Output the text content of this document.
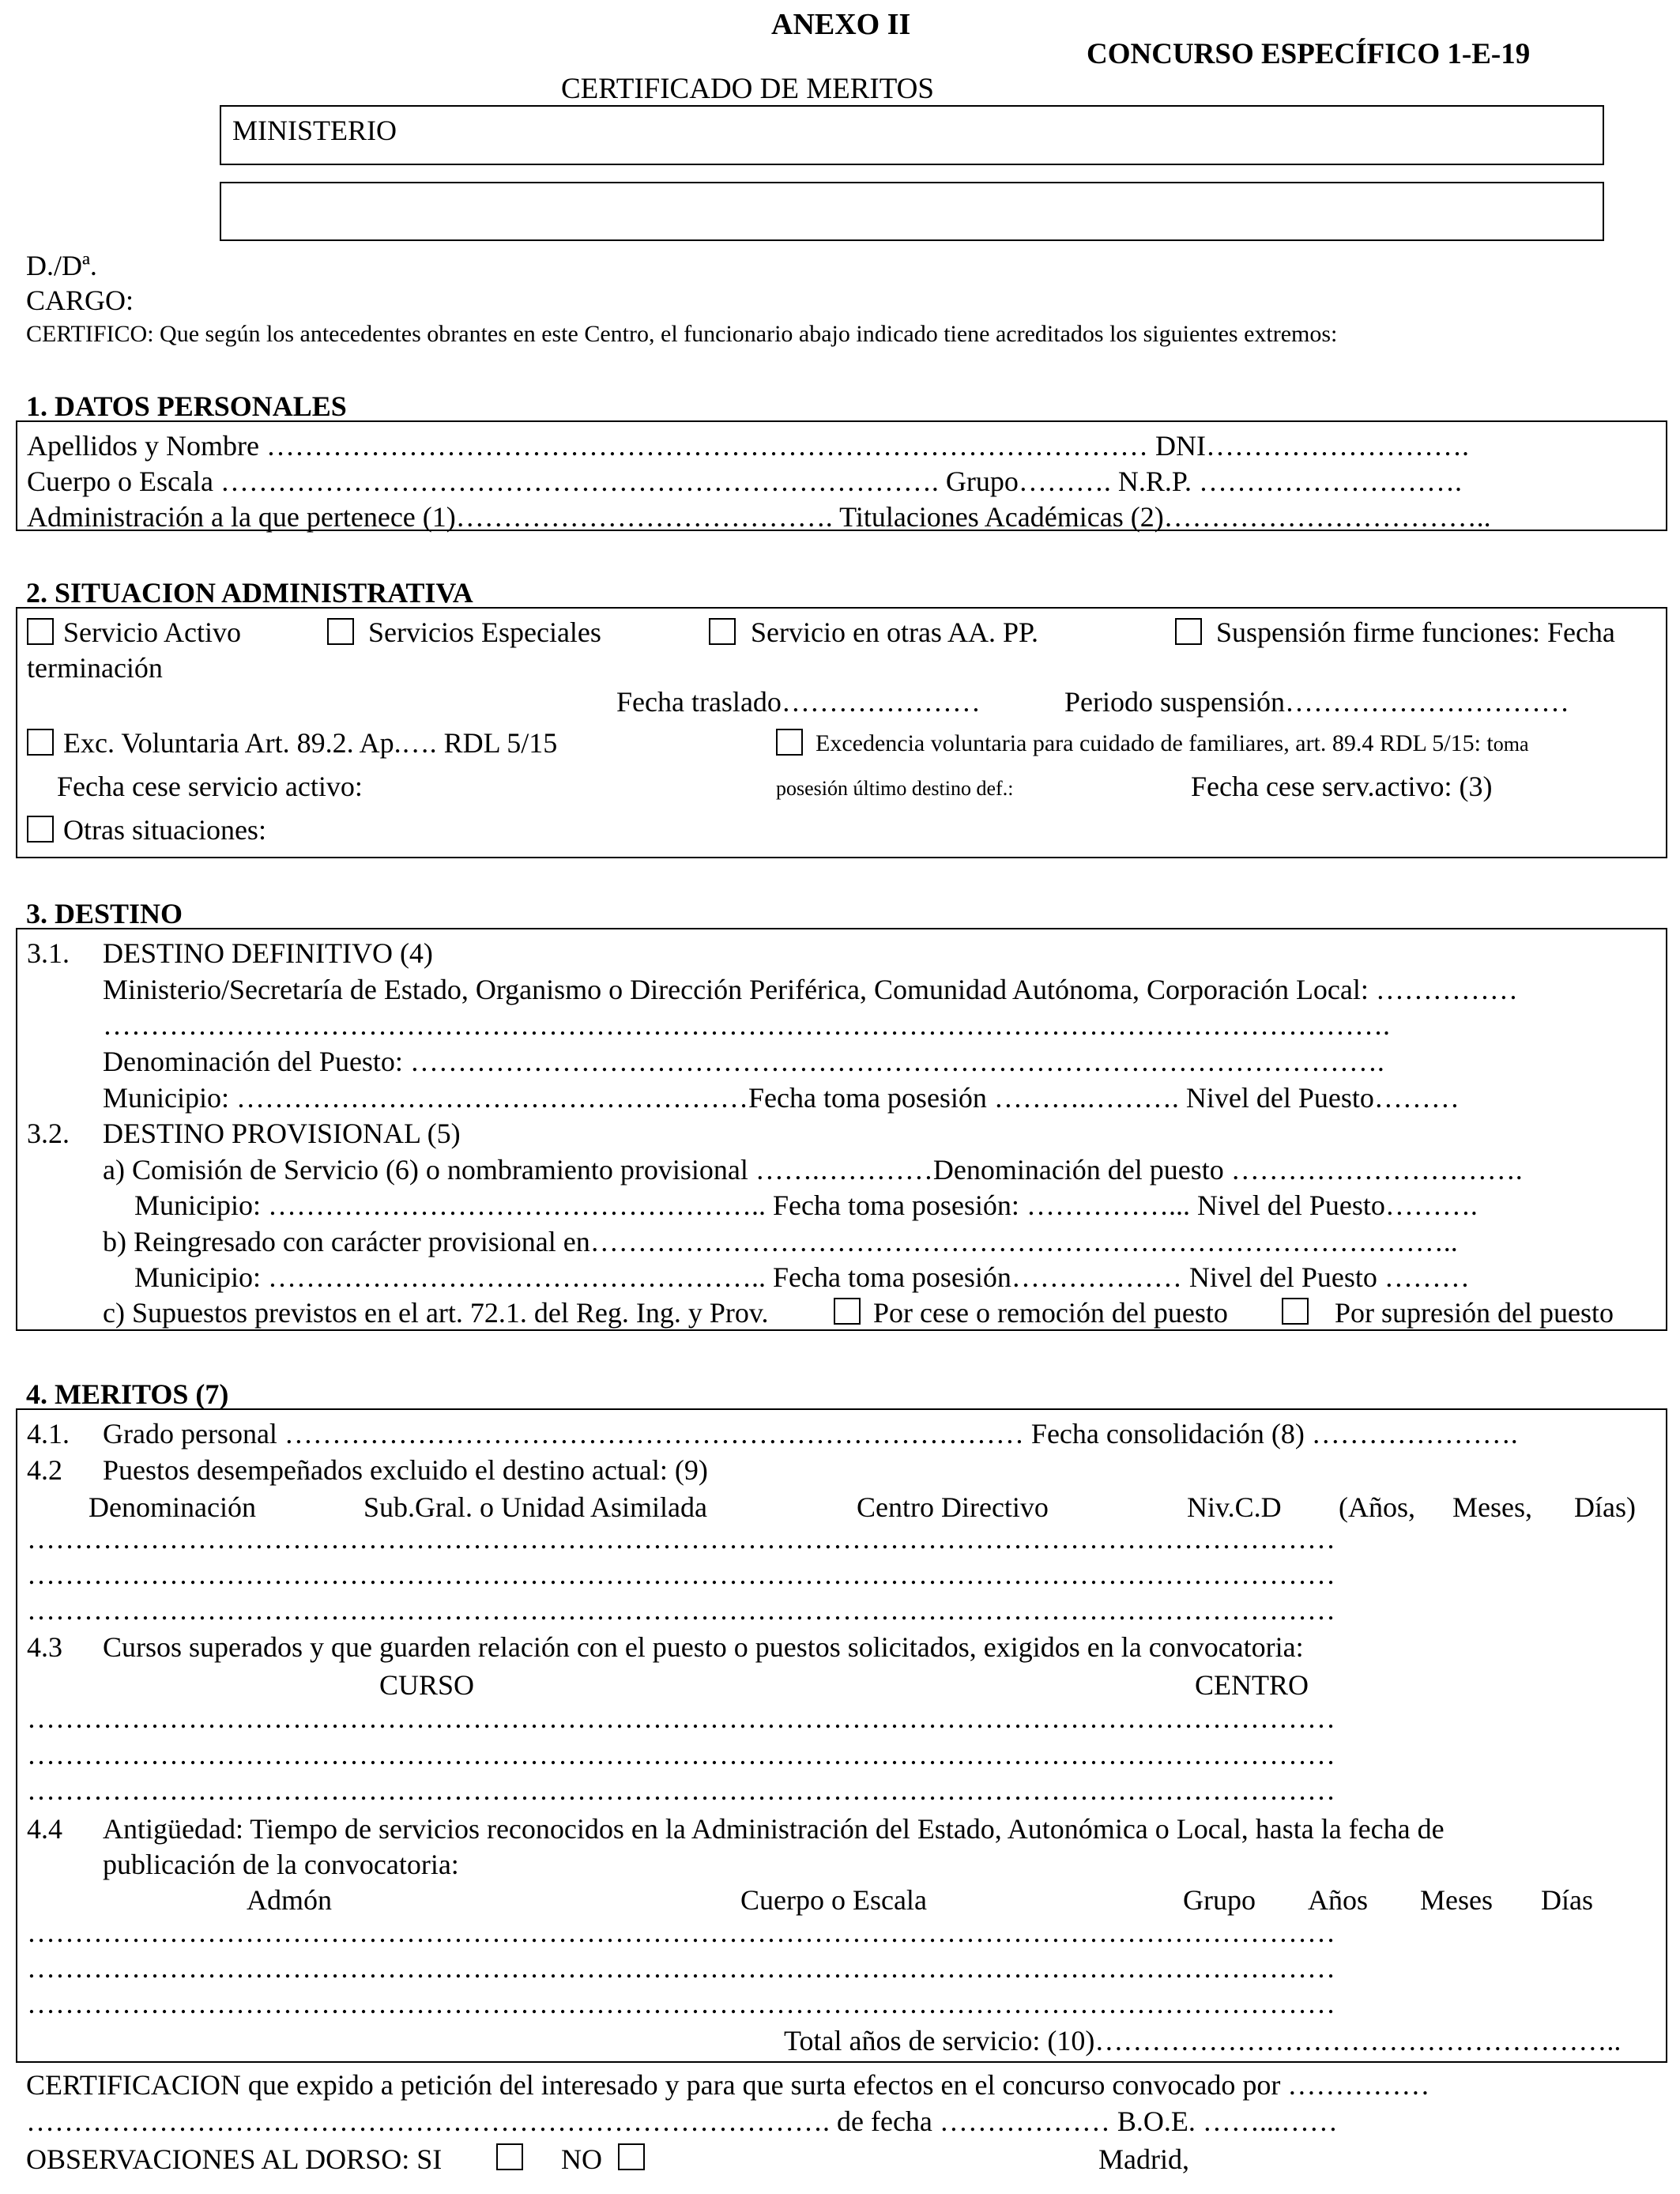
ANEXO II
CONCURSO ESPECÍFICO 1-E-19
CERTIFICADO DE MERITOS
MINISTERIO
D./Dª.
CARGO:
CERTIFICO: Que según los antecedentes obrantes en este Centro, el funcionario abajo indicado tiene acreditados los siguientes extremos:
1. DATOS PERSONALES
Apellidos y Nombre ………………………………………………………………………………… DNI……………………….
Cuerpo o Escala …………………………………………………………………. Grupo………. N.R.P. ……………………….
Administración a la que pertenece (1)…………………………………. Titulaciones Académicas (2)……………………………..
2. SITUACION ADMINISTRATIVA
Servicio Activo	Servicios Especiales	Servicio en otras AA. PP.	Suspensión firme funciones: Fecha
terminación
Fecha traslado…………………	Periodo suspensión…………………………
Exc. Voluntaria Art. 89.2. Ap.…. RDL 5/15	Excedencia voluntaria para cuidado de familiares, art. 89.4 RDL 5/15: toma
Fecha cese servicio activo:	posesión último destino def.:	Fecha cese serv.activo: (3)
Otras situaciones:
3. DESTINO
3.1. DESTINO DEFINITIVO (4)
Ministerio/Secretaría de Estado, Organismo o Dirección Periférica, Comunidad Autónoma, Corporación Local: ……………
……………………………………………………………………………………………………………………….
Denominación del Puesto: ………………………………………………………………………………………….
Municipio: ………………………………………………Fecha toma posesión ……….………. Nivel del Puesto………
3.2. DESTINO PROVISIONAL (5)
a) Comisión de Servicio (6) o nombramiento provisional …….…………Denominación del puesto ………………………….
Municipio: …………………………………………….. Fecha toma posesión: ……………... Nivel del Puesto……….
b) Reingresado con carácter provisional en………………………………………………………………………………..
Municipio: …………………………………………….. Fecha toma posesión……………… Nivel del Puesto ………
c) Supuestos previstos en el art. 72.1. del Reg. Ing. y Prov.	Por cese o remoción del puesto	Por supresión del puesto
4. MERITOS (7)
4.1. Grado personal …………………………………………………………………… Fecha consolidación (8) ………………….
4.2 Puestos desempeñados excluido el destino actual: (9)
Denominación	Sub.Gral. o Unidad Asimilada	Centro Directivo	Niv.C.D (Años, Meses, Días)
…………………………………………………………………………………………………………………………
…………………………………………………………………………………………………………………………
…………………………………………………………………………………………………………………………
4.3 Cursos superados y que guarden relación con el puesto o puestos solicitados, exigidos en la convocatoria:
CURSO	CENTRO
…………………………………………………………………………………………………………………………
…………………………………………………………………………………………………………………………
…………………………………………………………………………………………………………………………
4.4 Antigüedad: Tiempo de servicios reconocidos en la Administración del Estado, Autonómica o Local, hasta la fecha de
publicación de la convocatoria:
Admón	Cuerpo o Escala	Grupo Años Meses Días
…………………………………………………………………………………………………………………………
…………………………………………………………………………………………………………………………
…………………………………………………………………………………………………………………………
Total años de servicio: (10)………………………………………………..
CERTIFICACION que expido a petición del interesado y para que surta efectos en el concurso convocado por ……………
…………………………………………………………………………. de fecha ……………… B.O.E. ……...……
OBSERVACIONES AL DORSO: SI	NO	Madrid,
